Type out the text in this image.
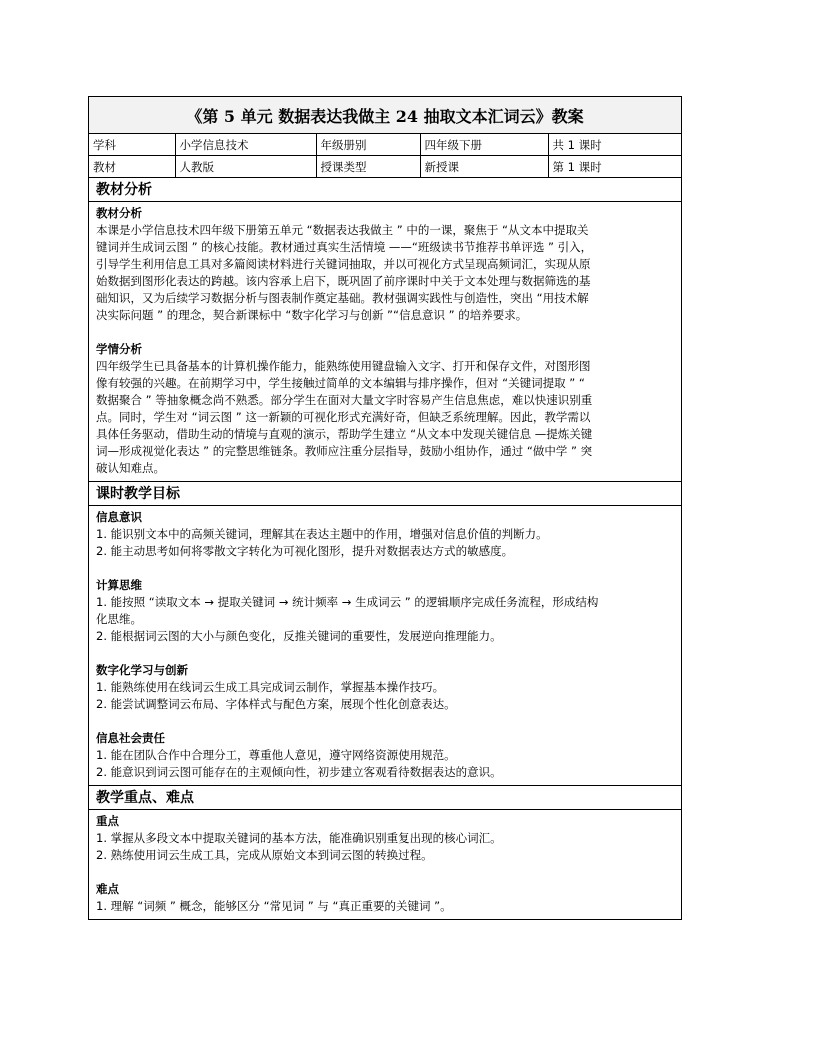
《第 5 单元 数据表达我做主 24 抽取文本汇词云》教案
学科	小学信息技术	年级册别	四年级下册	共 1 课时
教材	人教版	授课类型	新授课	第 1 课时
教材分析

教材分析

本课是小学信息技术四年级下册第五单元 “数据表达我做主 ” 中的一课，聚焦于 “从文本中提取关

键词并生成词云图 ” 的核心技能。教材通过真实生活情境 ——“班级读书节推荐书单评选 ” 引入，

引导学生利用信息工具对多篇阅读材料进行关键词抽取，并以可视化方式呈现高频词汇，实现从原

始数据到图形化表达的跨越。该内容承上启下，既巩固了前序课时中关于文本处理与数据筛选的基

础知识，又为后续学习数据分析与图表制作奠定基础。教材强调实践性与创造性，突出 “用技术解

决实际问题 ” 的理念，契合新课标中 “数字化学习与创新 ”“信息意识 ” 的培养要求。

学情分析

四年级学生已具备基本的计算机操作能力，能熟练使用键盘输入文字、打开和保存文件，对图形图

像有较强的兴趣。在前期学习中，学生接触过简单的文本编辑与排序操作，但对 “关键词提取 ” “

数据聚合 ” 等抽象概念尚不熟悉。部分学生在面对大量文字时容易产生信息焦虑，难以快速识别重

点。同时，学生对 “词云图 ” 这一新颖的可视化形式充满好奇，但缺乏系统理解。因此，教学需以

具体任务驱动，借助生动的情境与直观的演示，帮助学生建立 “从文本中发现关键信息 —提炼关键

词—形成视觉化表达 ” 的完整思维链条。教师应注重分层指导，鼓励小组协作，通过 “做中学 ” 突

破认知难点。

课时教学目标

信息意识

1. 能识别文本中的高频关键词，理解其在表达主题中的作用，增强对信息价值的判断力。

2. 能主动思考如何将零散文字转化为可视化图形，提升对数据表达方式的敏感度。

计算思维

1. 能按照 “读取文本 → 提取关键词 → 统计频率 → 生成词云 ” 的逻辑顺序完成任务流程，形成结构

化思维。

2. 能根据词云图的大小与颜色变化，反推关键词的重要性，发展逆向推理能力。

数字化学习与创新

1. 能熟练使用在线词云生成工具完成词云制作，掌握基本操作技巧。

2. 能尝试调整词云布局、字体样式与配色方案，展现个性化创意表达。

信息社会责任

1. 能在团队合作中合理分工，尊重他人意见，遵守网络资源使用规范。

2. 能意识到词云图可能存在的主观倾向性，初步建立客观看待数据表达的意识。

教学重点、难点

重点

1. 掌握从多段文本中提取关键词的基本方法，能准确识别重复出现的核心词汇。

2. 熟练使用词云生成工具，完成从原始文本到词云图的转换过程。

难点

1. 理解 “词频 ” 概念，能够区分 “常见词 ” 与 “真正重要的关键词 ”。
